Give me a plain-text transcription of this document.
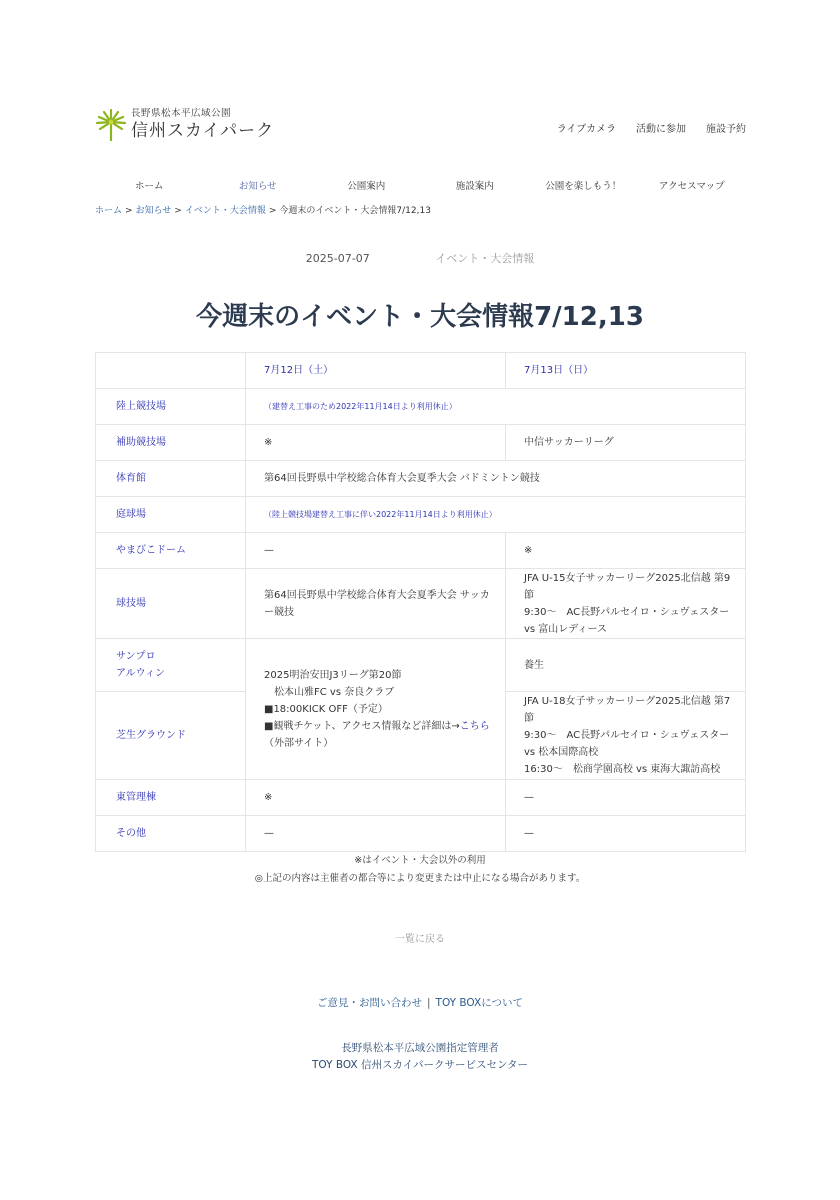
長野県松本平広域公園
信州スカイパーク	ライブカメラ 活動に参加 施設予約
ホーム	お知らせ	公園案内	施設案内	公園を楽しもう！	アクセスマップ
ホーム > お知らせ > イベント・大会情報 > 今週末のイベント・大会情報7/12,13
2025-07-07	イベント・大会情報
今週末のイベント・大会情報7/12,13
	7月12日（土）	7月13日（日）
陸上競技場	（建替え工事のため2022年11月14日より利用休止）	
補助競技場	※	中信サッカーリーグ
体育館	第64回長野県中学校総合体育大会夏季大会 バドミントン競技	
庭球場	（陸上競技場建替え工事に伴い2022年11月14日より利用休止）	
やまびこドーム	—	※
球技場	第64回長野県中学校総合体育大会夏季大会 サッカー競技	JFA U-15女子サッカーリーグ2025北信越 第9節
9:30～　AC長野パルセイロ・シュヴェスター vs 富山レディース

サンプロ
アルウィン	2025明治安田J3リーグ第20節
　松本山雅FC vs 奈良クラブ
■18:00KICK OFF（予定）
■観戦チケット、アクセス情報など詳細は→こちら（外部サイト）	養生
芝生グラウンド		JFA U-18女子サッカーリーグ2025北信越 第7節
9:30～　AC長野パルセイロ・シュヴェスター vs 松本国際高校
16:30～　松商学園高校 vs 東海大諏訪高校

東管理棟	※	—
その他	—	—
※はイベント・大会以外の利用
◎上記の内容は主催者の都合等により変更または中止になる場合があります。
一覧に戻る
ご意見・お問い合わせ | TOY BOXについて
長野県松本平広域公園指定管理者
TOY BOX 信州スカイパークサービスセンター
